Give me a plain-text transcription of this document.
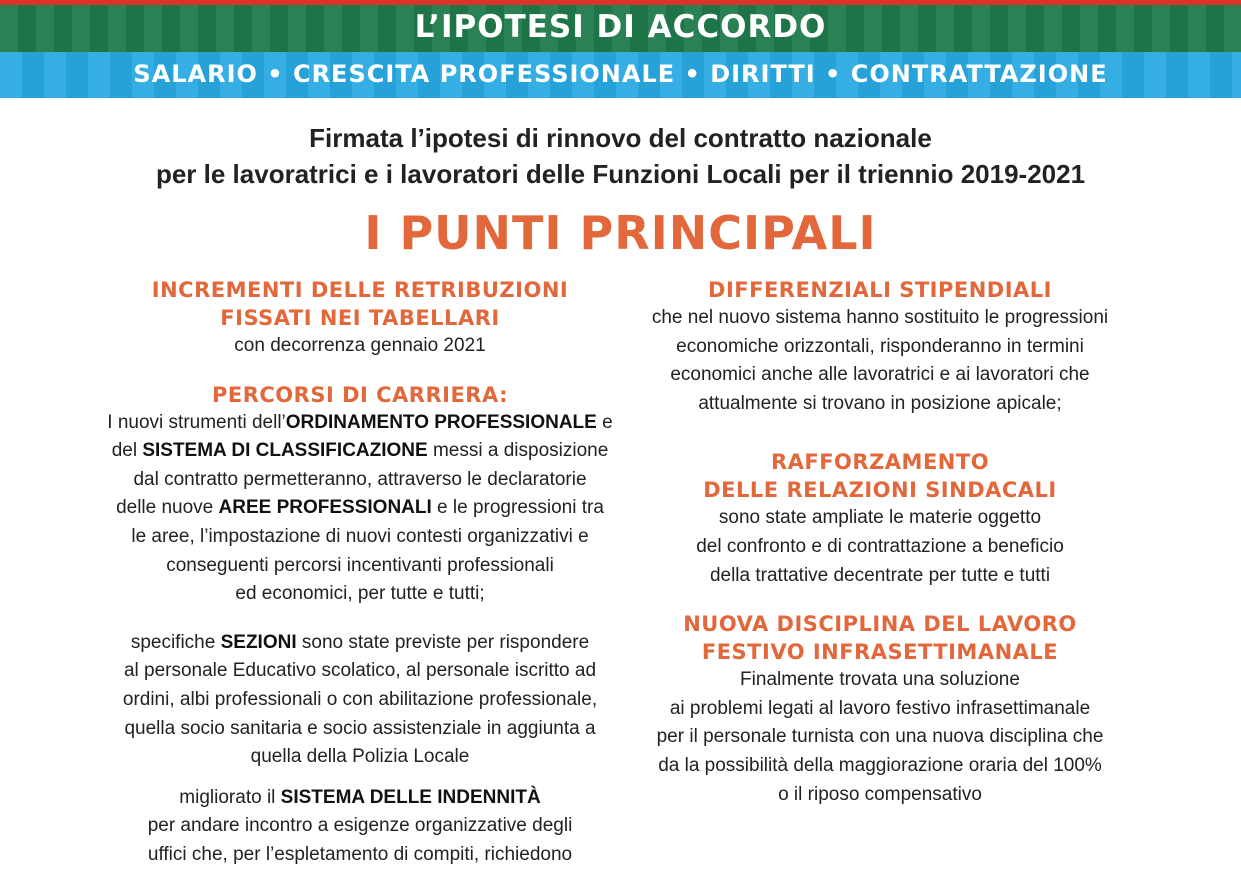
L’IPOTESI DI ACCORDO
SALARIO • CRESCITA PROFESSIONALE • DIRITTI • CONTRATTAZIONE
Firmata l’ipotesi di rinnovo del contratto nazionale
per le lavoratrici e i lavoratori delle Funzioni Locali per il triennio 2019-2021
I PUNTI PRINCIPALI
INCREMENTI DELLE RETRIBUZIONI
FISSATI NEI TABELLARI
con decorrenza gennaio 2021
PERCORSI DI CARRIERA:
I nuovi strumenti dell’ORDINAMENTO PROFESSIONALE e
del SISTEMA DI CLASSIFICAZIONE messi a disposizione
dal contratto permetteranno, attraverso le declaratorie
delle nuove AREE PROFESSIONALI e le progressioni tra
le aree, l’impostazione di nuovi contesti organizzativi e
conseguenti percorsi incentivanti professionali
ed economici, per tutte e tutti;
specifiche SEZIONI sono state previste per rispondere
al personale Educativo scolatico, al personale iscritto ad
ordini, albi professionali o con abilitazione professionale,
quella socio sanitaria e socio assistenziale in aggiunta a
quella della Polizia Locale
migliorato il SISTEMA DELLE INDENNITÀ
per andare incontro a esigenze organizzative degli
uffici che, per l’espletamento di compiti, richiedono
DIFFERENZIALI STIPENDIALI
che nel nuovo sistema hanno sostituito le progressioni
economiche orizzontali, risponderanno in termini
economici anche alle lavoratrici e ai lavoratori che
attualmente si trovano in posizione apicale;
RAFFORZAMENTO
DELLE RELAZIONI SINDACALI
sono state ampliate le materie oggetto
del confronto e di contrattazione a beneficio
della trattative decentrate per tutte e tutti
NUOVA DISCIPLINA DEL LAVORO
FESTIVO INFRASETTIMANALE
Finalmente trovata una soluzione
ai problemi legati al lavoro festivo infrasettimanale
per il personale turnista con una nuova disciplina che
da la possibilità della maggiorazione oraria del 100%
o il riposo compensativo
